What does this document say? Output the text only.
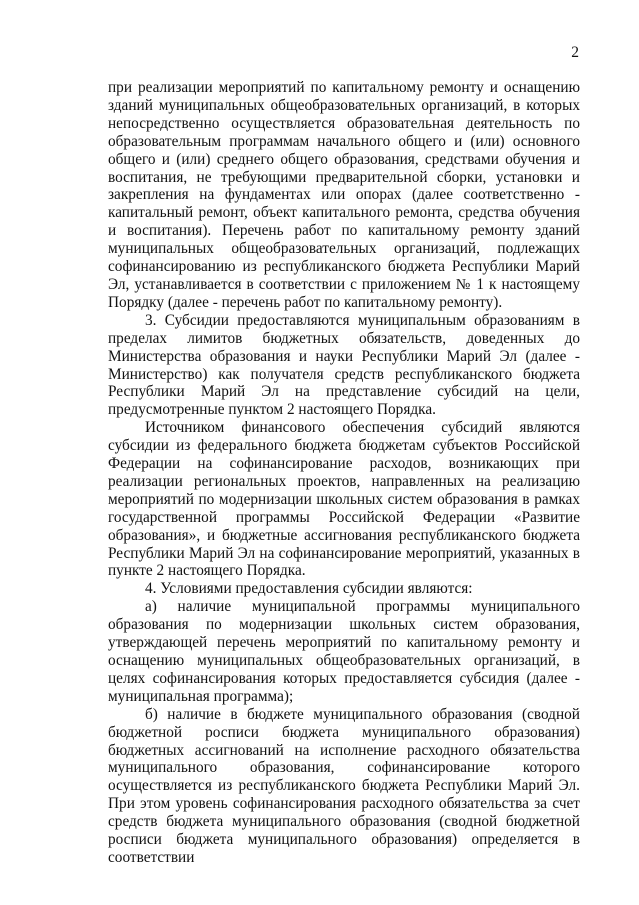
2

при реализации мероприятий по капитальному ремонту и оснащению зданий муниципальных общеобразовательных организаций, в которых непосредственно осуществляется образовательная деятельность по образовательным программам начального общего и (или) основного общего и (или) среднего общего образования, средствами обучения и воспитания, не требующими предварительной сборки, установки и закрепления на фундаментах или опорах (далее соответственно - капитальный ремонт, объект капитального ремонта, средства обучения и воспитания). Перечень работ по капитальному ремонту зданий муниципальных общеобразовательных организаций, подлежащих софинансированию из республиканского бюджета Республики Марий Эл, устанавливается в соответствии с приложением № 1 к настоящему Порядку (далее - перечень работ по капитальному ремонту).

3. Субсидии предоставляются муниципальным образованиям в пределах лимитов бюджетных обязательств, доведенных до Министерства образования и науки Республики Марий Эл (далее - Министерство) как получателя средств республиканского бюджета Республики Марий Эл на представление субсидий на цели, предусмотренные пунктом 2 настоящего Порядка.

Источником финансового обеспечения субсидий являются субсидии из федерального бюджета бюджетам субъектов Российской Федерации на софинансирование расходов, возникающих при реализации региональных проектов, направленных на реализацию мероприятий по модернизации школьных систем образования в рамках государственной программы Российской Федерации «Развитие образования», и бюджетные ассигнования республиканского бюджета Республики Марий Эл на софинансирование мероприятий, указанных в пункте 2 настоящего Порядка.

4. Условиями предоставления субсидии являются:

а) наличие муниципальной программы муниципального образования по модернизации школьных систем образования, утверждающей перечень мероприятий по капитальному ремонту и оснащению муниципальных общеобразовательных организаций, в целях софинансирования которых предоставляется субсидия (далее - муниципальная программа);

б) наличие в бюджете муниципального образования (сводной бюджетной росписи бюджета муниципального образования) бюджетных ассигнований на исполнение расходного обязательства муниципального образования, софинансирование которого осуществляется из республиканского бюджета Республики Марий Эл. При этом уровень софинансирования расходного обязательства за счет средств бюджета муниципального образования (сводной бюджетной росписи бюджета муниципального образования) определяется в соответствии
